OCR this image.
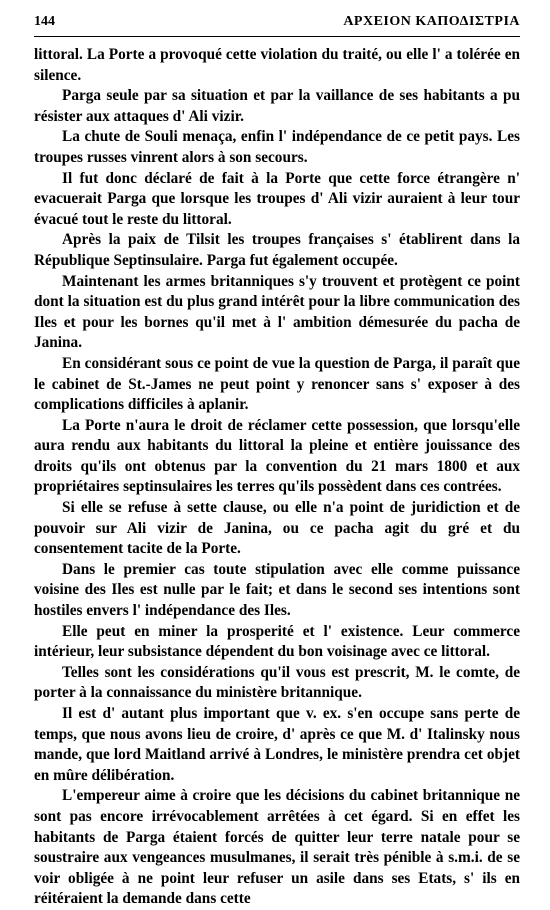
144	ΑΡΧΕΙΟΝ ΚΑΠΟΔΙΣΤΡΙΑ

littoral. La Porte a provoqué cette violation du traité, ou elle l' a tolérée en silence.

Parga seule par sa situation et par la vaillance de ses habitants a pu résister aux attaques d' Ali vizir.

La chute de Souli menaça, enfin l' indépendance de ce petit pays. Les troupes russes vinrent alors à son secours.

Il fut donc déclaré de fait à la Porte que cette force étrangère n' evacuerait Parga que lorsque les troupes d' Ali vizir auraient à leur tour évacué tout le reste du littoral.

Après la paix de Tilsit les troupes françaises s' établirent dans la République Septinsulaire. Parga fut également occupée.

Maintenant les armes britanniques s'y trouvent et protègent ce point dont la situation est du plus grand intérêt pour la libre communication des Iles et pour les bornes qu'il met à l' ambition démesurée du pacha de Janina.

En considérant sous ce point de vue la question de Parga, il paraît que le cabinet de St.-James ne peut point y renoncer sans s' exposer à des complications difficiles à aplanir.

La Porte n'aura le droit de réclamer cette possession, que lorsqu'elle aura rendu aux habitants du littoral la pleine et entière jouissance des droits qu'ils ont obtenus par la convention du 21 mars 1800 et aux propriétaires septinsulaires les terres qu'ils possèdent dans ces contrées.

Si elle se refuse à sette clause, ou elle n'a point de juridiction et de pouvoir sur Ali vizir de Janina, ou ce pacha agit du gré et du consentement tacite de la Porte.

Dans le premier cas toute stipulation avec elle comme puissance voisine des Iles est nulle par le fait; et dans le second ses intentions sont hostiles envers l' indépendance des Iles.

Elle peut en miner la prosperité et l' existence. Leur commerce intérieur, leur subsistance dépendent du bon voisinage avec ce littoral.

Telles sont les considérations qu'il vous est prescrit, M. le comte, de porter à la connaissance du ministère britannique.

Il est d' autant plus important que v. ex. s'en occupe sans perte de temps, que nous avons lieu de croire, d' après ce que M. d' Italinsky nous mande, que lord Maitland arrivé à Londres, le ministère prendra cet objet en mûre délibération.

L'empereur aime à croire que les décisions du cabinet britannique ne sont pas encore irrévocablement arrêtées à cet égard. Si en effet les habitants de Parga étaient forcés de quitter leur terre natale pour se soustraire aux vengeances musulmanes, il serait très pénible à s.m.i. de se voir obligée à ne point leur refuser un asile dans ses Etats, s' ils en réitéraient la demande dans cette
